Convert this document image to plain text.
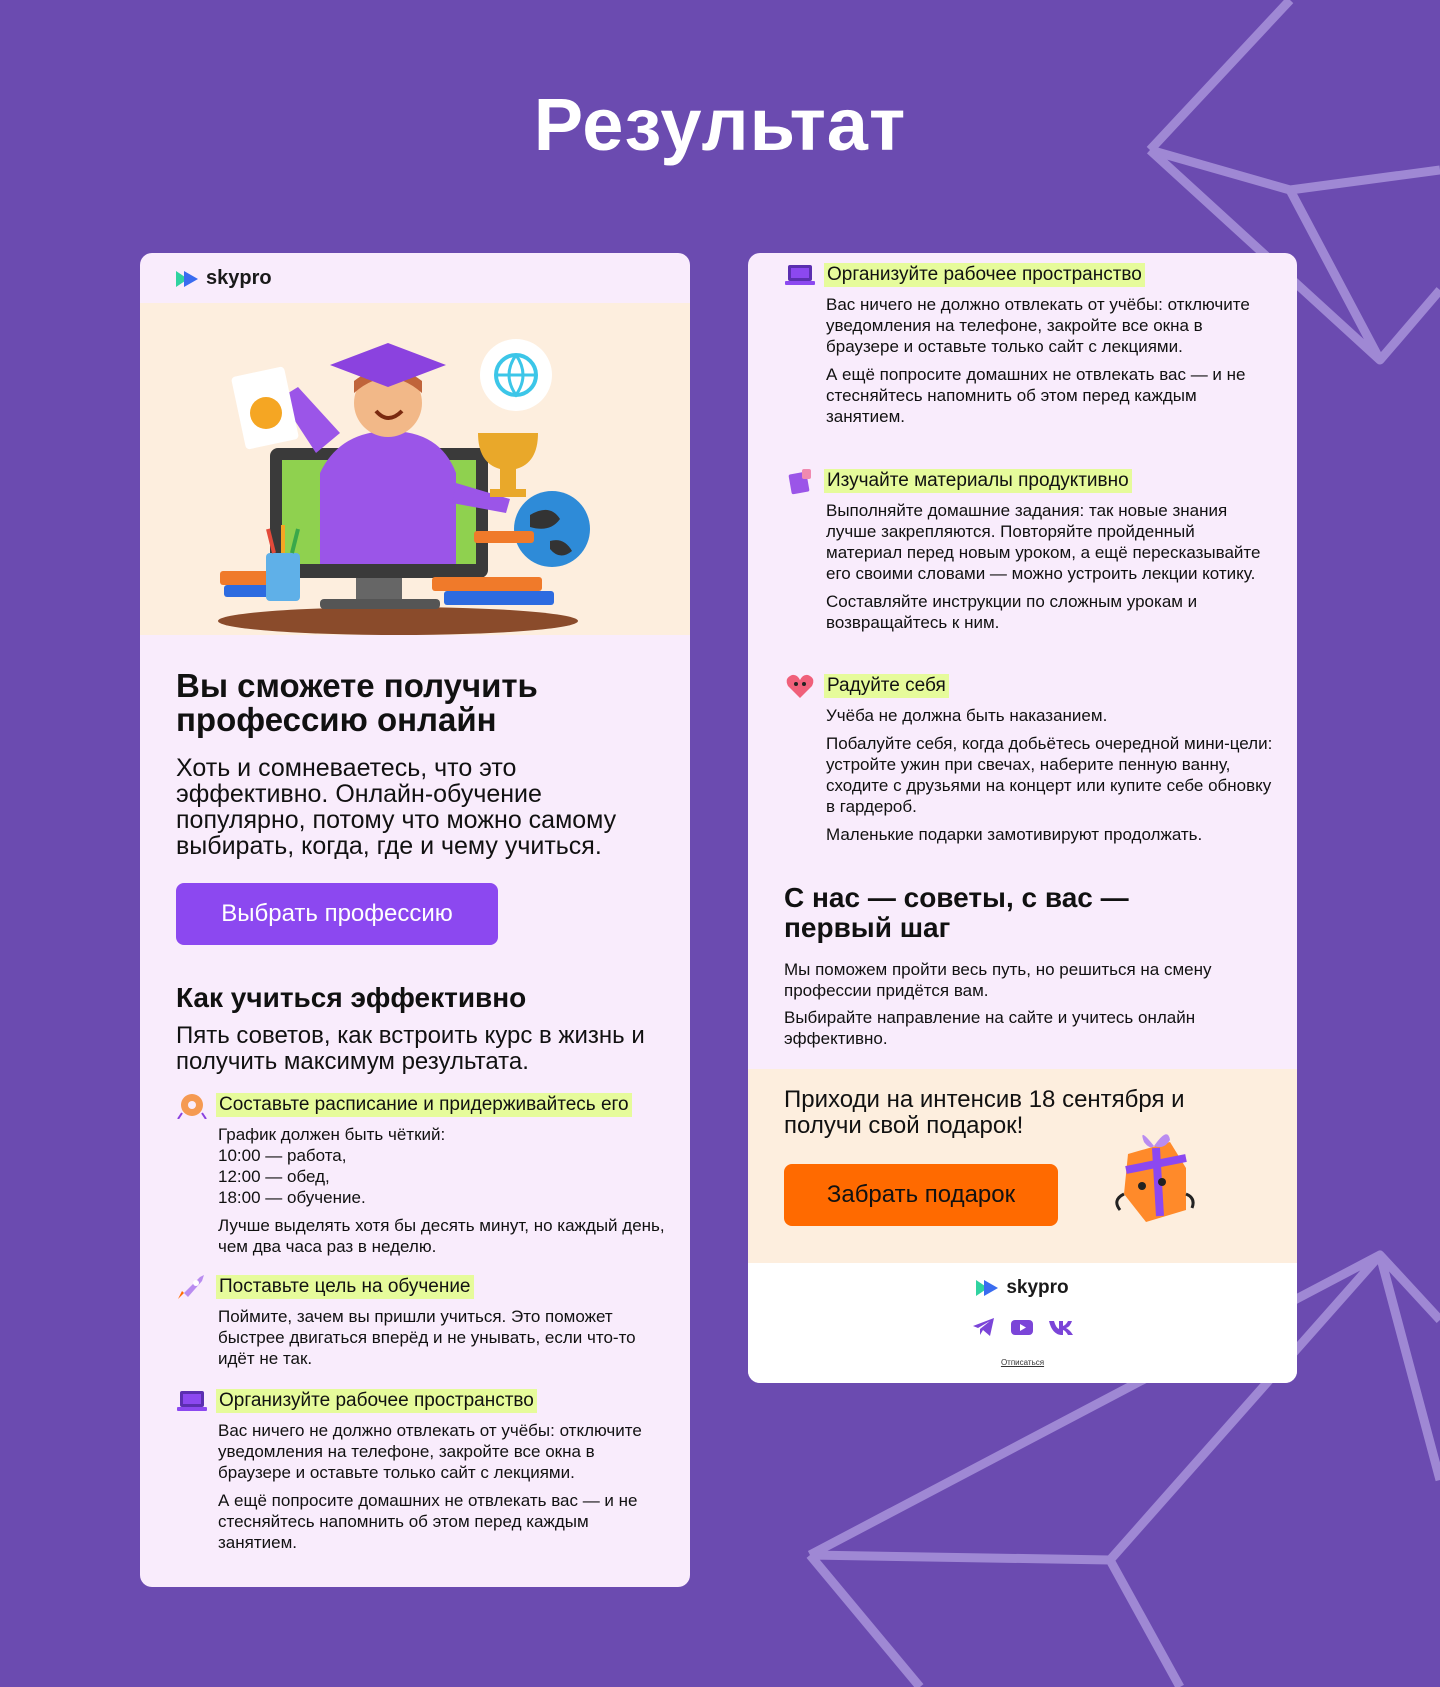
Результат
skypro
Вы сможете получить профессию онлайн
Хоть и сомневаетесь, что это эффективно. Онлайн-обучение популярно, потому что можно самому выбирать, когда, где и чему учиться.
Выбрать профессию
Как учиться эффективно
Пять советов, как встроить курс в жизнь и получить максимум результата.
Составьте расписание и придерживайтесь его

График должен быть чёткий:
10:00 — работа,
12:00 — обед,
18:00 — обучение.

Лучше выделять хотя бы десять минут, но каждый день, чем два часа раз в неделю.

Поставьте цель на обучение

Поймите, зачем вы пришли учиться. Это поможет быстрее двигаться вперёд и не унывать, если что-то идёт не так.

Организуйте рабочее пространство

Вас ничего не должно отвлекать от учёбы: отключите уведомления на телефоне, закройте все окна в браузере и оставьте только сайт с лекциями.

А ещё попросите домашних не отвлекать вас — и не стесняйтесь напомнить об этом перед каждым занятием.

Организуйте рабочее пространство

Вас ничего не должно отвлекать от учёбы: отключите уведомления на телефоне, закройте все окна в браузере и оставьте только сайт с лекциями.

А ещё попросите домашних не отвлекать вас — и не стесняйтесь напомнить об этом перед каждым занятием.

Изучайте материалы продуктивно

Выполняйте домашние задания: так новые знания лучше закрепляются. Повторяйте пройденный материал перед новым уроком, а ещё пересказывайте его своими словами — можно устроить лекции котику.

Составляйте инструкции по сложным урокам и возвращайтесь к ним.

Радуйте себя

Учёба не должна быть наказанием.

Побалуйте себя, когда добьётесь очередной мини-цели: устройте ужин при свечах, наберите пенную ванну, сходите с друзьями на концерт или купите себе обновку в гардероб.

Маленькие подарки замотивируют продолжать.

С нас — советы, с вас — первый шаг

Мы поможем пройти весь путь, но решиться на смену профессии придётся вам.

Выбирайте направление на сайте и учитесь онлайн эффективно.

Приходи на интенсив 18 сентября и получи свой подарок!
Забрать подарок
skypro
Отписаться
